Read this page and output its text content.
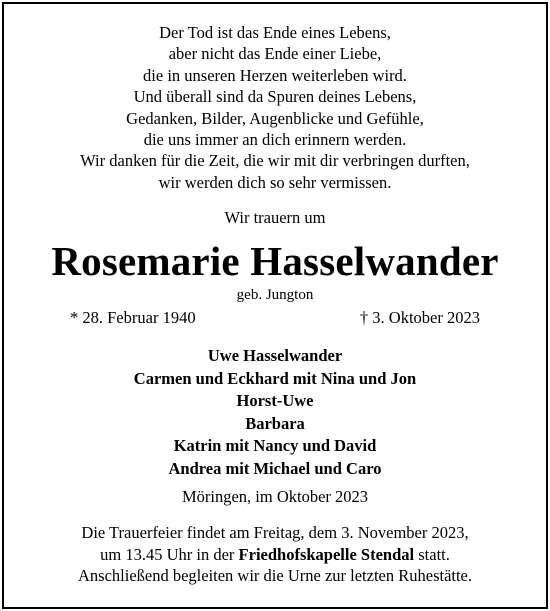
Der Tod ist das Ende eines Lebens,
aber nicht das Ende einer Liebe,
die in unseren Herzen weiterleben wird.
Und überall sind da Spuren deines Lebens,
Gedanken, Bilder, Augenblicke und Gefühle,
die uns immer an dich erinnern werden.
Wir danken für die Zeit, die wir mit dir verbringen durften,
wir werden dich so sehr vermissen.
Wir trauern um
Rosemarie Hasselwander
geb. Jungton
* 28. Februar 1940	† 3. Oktober 2023
Uwe Hasselwander
Carmen und Eckhard mit Nina und Jon
Horst-Uwe
Barbara
Katrin mit Nancy und David
Andrea mit Michael und Caro
Möringen, im Oktober 2023
Die Trauerfeier findet am Freitag, dem 3. November 2023,
um 13.45 Uhr in der Friedhofskapelle Stendal statt.
Anschließend begleiten wir die Urne zur letzten Ruhestätte.
